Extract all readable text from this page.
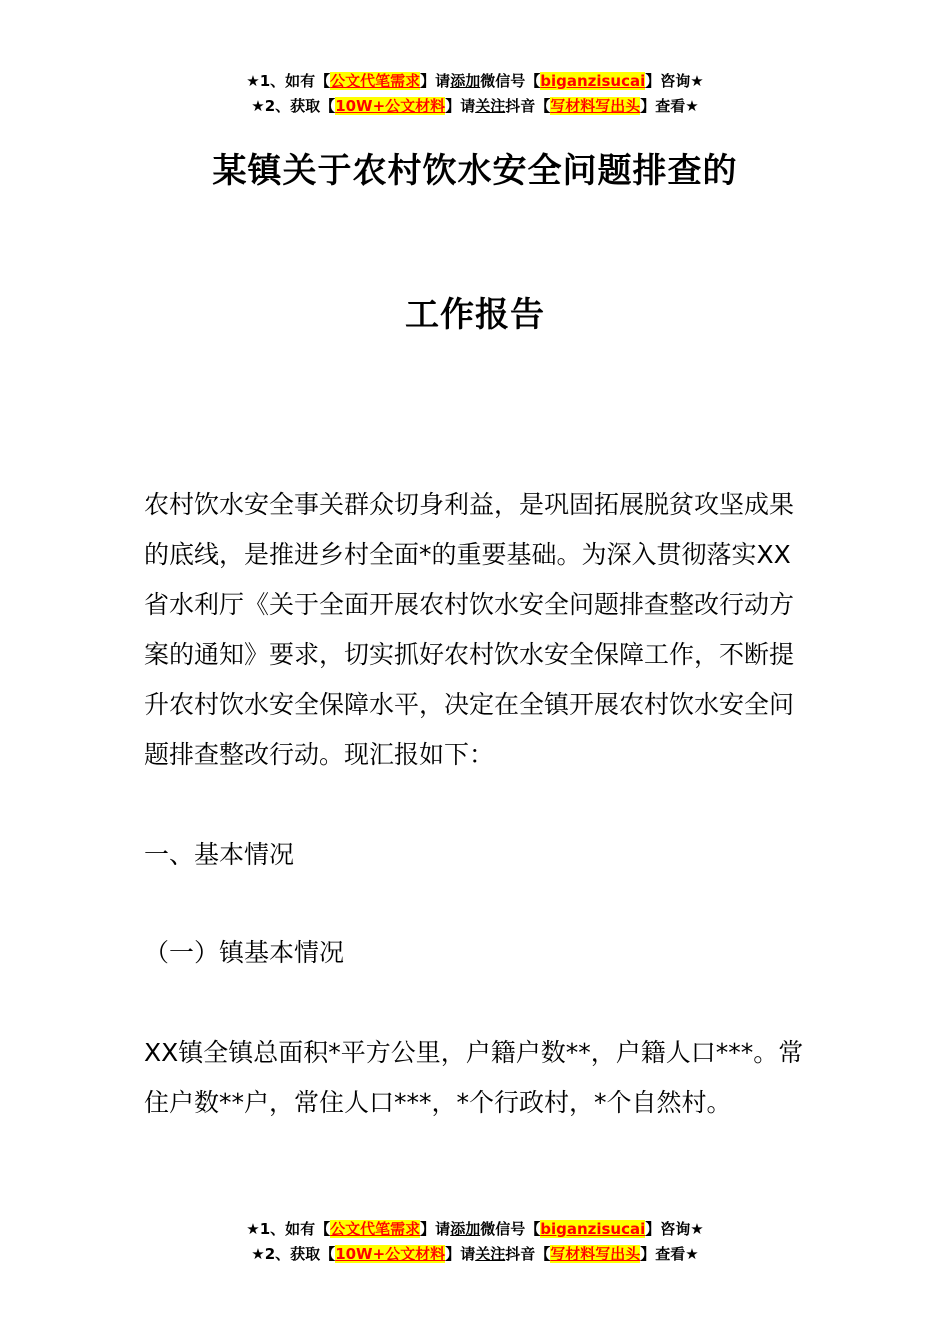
★1、如有【公文代笔需求】请添加微信号【biganzisucai】咨询★
★2、获取【10W+公文材料】请关注抖音【写材料写出头】查看★
某镇关于农村饮水安全问题排查的
工作报告

农村饮水安全事关群众切身利益，是巩固拓展脱贫攻坚成果的底线，是推进乡村全面*的重要基础。为深入贯彻落实XX省水利厅《关于全面开展农村饮水安全问题排查整改行动方案的通知》要求，切实抓好农村饮水安全保障工作，不断提升农村饮水安全保障水平，决定在全镇开展农村饮水安全问题排查整改行动。现汇报如下：

一、基本情况

（一）镇基本情况

XX镇全镇总面积*平方公里，户籍户数**，户籍人口***。常住户数**户，常住人口***，*个行政村，*个自然村。

★1、如有【公文代笔需求】请添加微信号【biganzisucai】咨询★
★2、获取【10W+公文材料】请关注抖音【写材料写出头】查看★
